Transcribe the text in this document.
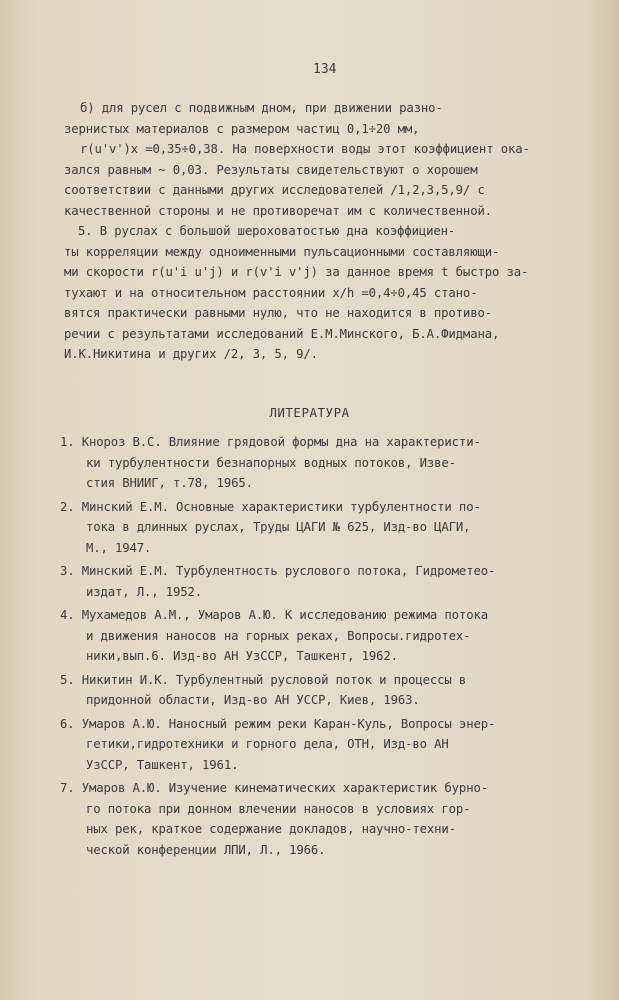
134

б) для русел с подвижным дном, при движении разно-
зернистых материалов с размером частиц 0,1÷20 мм,
r(u'v')x =0,35÷0,38. На поверхности воды этот коэффициент ока-
зался равным ~ 0,03. Результаты свидетельствуют о хорошем
соответствии с данными других исследователей /1,2,3,5,9/ с
качественной стороны и не противоречат им с количественной.

5. В руслах с большой шероховатостью дна коэффициен-
ты корреляции между одноименными пульсационными составляющи-
ми скорости r(u'i u'j) и r(v'i v'j) за данное время t быстро за-
тухают и на относительном расстоянии x/h =0,4÷0,45 стано-
вятся практически равными нулю, что не находится в противо-
речии с результатами исследований Е.М.Минского, Б.А.Фидмана,
И.К.Никитина и других /2, 3, 5, 9/.

ЛИТЕРАТУРА
1. Кнороз В.С. Влияние грядовой формы дна на характеристи-
ки турбулентности безнапорных водных потоков, Изве-
стия ВНИИГ, т.78, 1965.
2. Минский Е.М. Основные характеристики турбулентности по-
тока в длинных руслах, Труды ЦАГИ № 625, Изд-во ЦАГИ,
М., 1947.
3. Минский Е.М. Турбулентность руслового потока, Гидрометео-
издат, Л., 1952.
4. Мухамедов А.М., Умаров А.Ю. К исследованию режима потока
и движения наносов на горных реках, Вопросы.гидротех-
ники,вып.6. Изд-во АН УзССР, Ташкент, 1962.
5. Никитин И.К. Турбулентный русловой поток и процессы в
придонной области, Изд-во АН УССР, Киев, 1963.
6. Умаров А.Ю. Наносный режим реки Каран-Куль, Вопросы энер-
гетики,гидротехники и горного дела, ОТН, Изд-во АН
УзССР, Ташкент, 1961.
7. Умаров А.Ю. Изучение кинематических характеристик бурно-
го потока при донном влечении наносов в условиях гор-
ных рек, краткое содержание докладов, научно-техни-
ческой конференции ЛПИ, Л., 1966.
